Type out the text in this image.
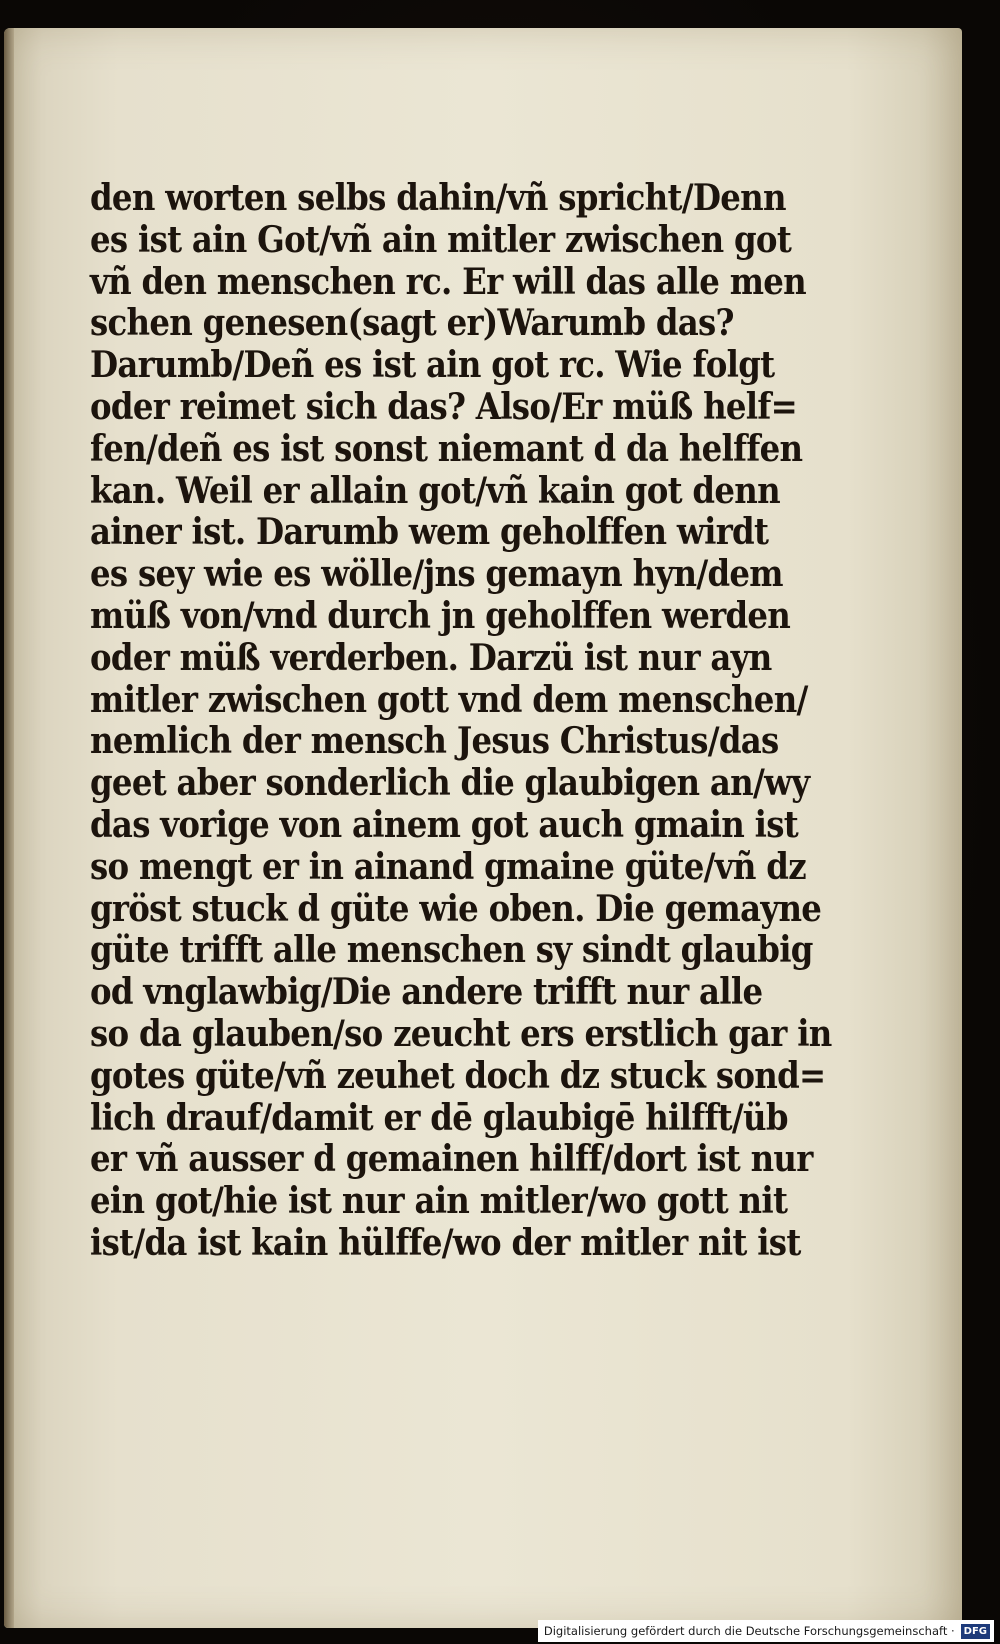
den worten selbs dahin/vñ spricht/Denn
es ist ain Got/vñ ain mitler zwischen got
vñ den menschen rc. Er will das alle men
schen genesen(sagt er)Warumb das?
Darumb/Deñ es ist ain got rc. Wie folgt
oder reimet sich das? Also/Er müß helf=
fen/deñ es ist sonst niemant d da helffen
kan. Weil er allain got/vñ kain got denn
ainer ist. Darumb wem geholffen wirdt
es sey wie es wölle/jns gemayn hyn/dem
müß von/vnd durch jn geholffen werden
oder müß verderben. Darzü ist nur ayn
mitler zwischen gott vnd dem menschen/
nemlich der mensch Jesus Christus/das
geet aber sonderlich die glaubigen an/wy
das vorige von ainem got auch gmain ist
so mengt er in ainand gmaine güte/vñ dz
gröst stuck d güte wie oben. Die gemayne
güte trifft alle menschen sy sindt glaubig
od vnglawbig/Die andere trifft nur alle
so da glauben/so zeucht ers erstlich gar in
gotes güte/vñ zeuhet doch dz stuck sond=
lich drauf/damit er dē glaubigē hilfft/üb
er vñ ausser d gemainen hilff/dort ist nur
ein got/hie ist nur ain mitler/wo gott nit
ist/da ist kain hülffe/wo der mitler nit ist
Digitalisierung gefördert durch die Deutsche Forschungsgemeinschaft · DFG
